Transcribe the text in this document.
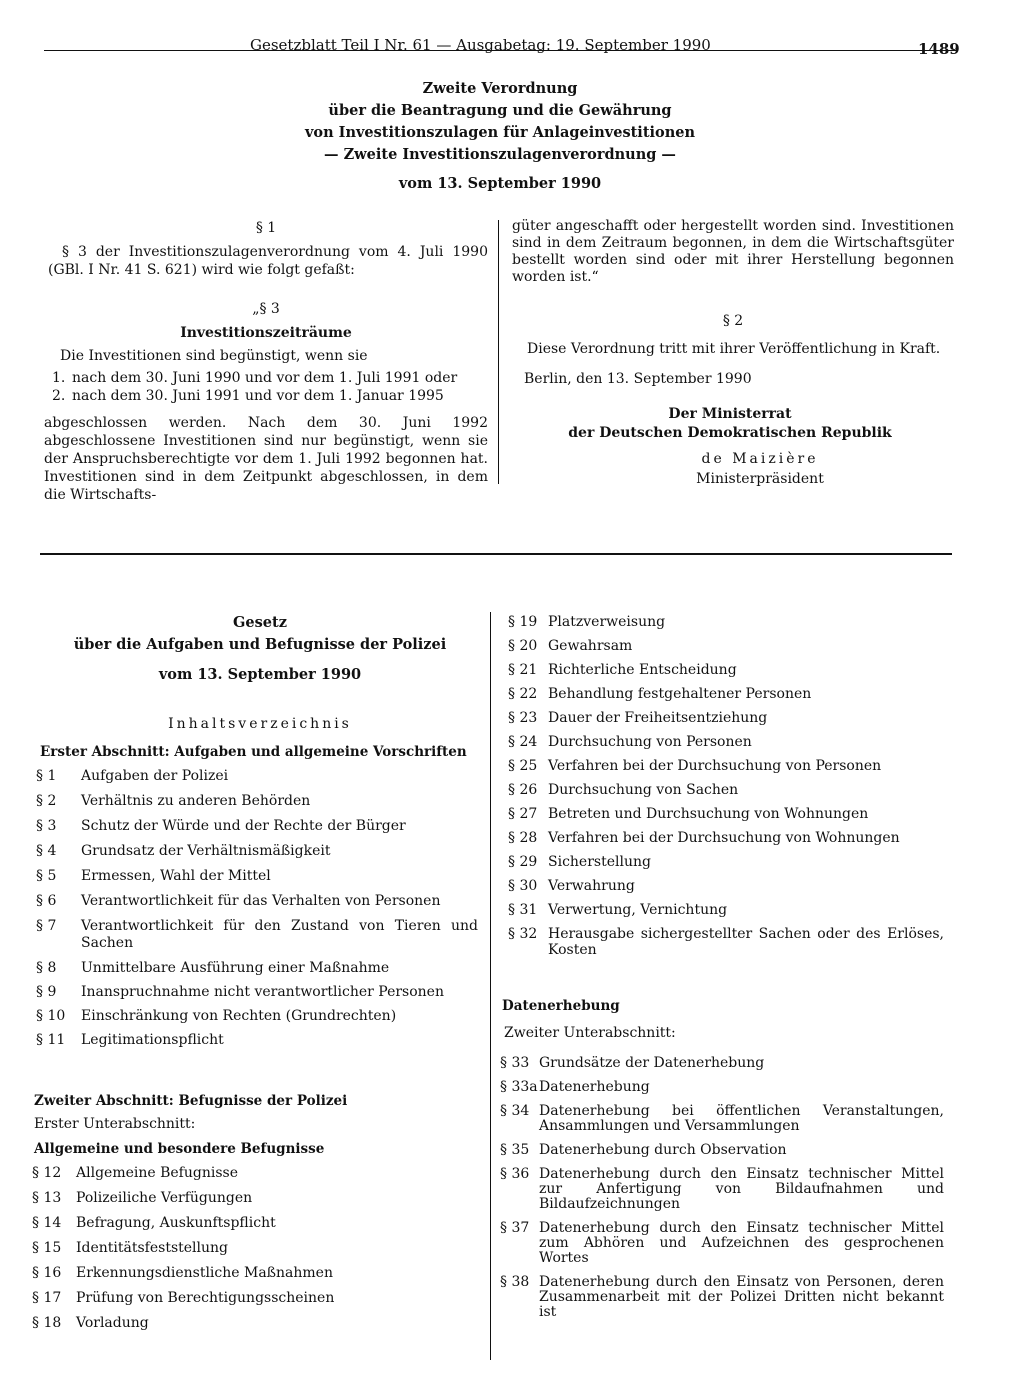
Gesetzblatt Teil I Nr. 61 — Ausgabetag: 19. September 1990	1489
Zweite Verordnung
über die Beantragung und die Gewährung
von Investitionszulagen für Anlageinvestitionen
— Zweite Investitionszulagenverordnung —
vom 13. September 1990
§ 1

§ 3 der Investitionszulagenverordnung vom 4. Juli 1990 (GBl. I Nr. 41 S. 621) wird wie folgt gefaßt:

„§ 3
Investitionszeiträume
Die Investitionen sind begünstigt, wenn sie
1. nach dem 30. Juni 1990 und vor dem 1. Juli 1991 oder
2. nach dem 30. Juni 1991 und vor dem 1. Januar 1995

abgeschlossen werden. Nach dem 30. Juni 1992 abgeschlossene Investitionen sind nur begünstigt, wenn sie der Anspruchsberechtigte vor dem 1. Juli 1992 begonnen hat. Investitionen sind in dem Zeitpunkt abgeschlossen, in dem die Wirtschafts-

güter angeschafft oder hergestellt worden sind. Investitionen sind in dem Zeitraum begonnen, in dem die Wirtschaftsgüter bestellt worden sind oder mit ihrer Herstellung begonnen worden ist.“

§ 2

Diese Verordnung tritt mit ihrer Veröffentlichung in Kraft.

Berlin, den 13. September 1990
Der Ministerrat
der Deutschen Demokratischen Republik
de Maizière
Ministerpräsident
Gesetz
über die Aufgaben und Befugnisse der Polizei
vom 13. September 1990
Inhaltsverzeichnis
Erster Abschnitt: Aufgaben und allgemeine Vorschriften
§ 1	Aufgaben der Polizei
§ 2	Verhältnis zu anderen Behörden
§ 3	Schutz der Würde und der Rechte der Bürger
§ 4	Grundsatz der Verhältnismäßigkeit
§ 5	Ermessen, Wahl der Mittel
§ 6	Verantwortlichkeit für das Verhalten von Personen
§ 7	Verantwortlichkeit für den Zustand von Tieren und Sachen
§ 8	Unmittelbare Ausführung einer Maßnahme
§ 9	Inanspruchnahme nicht verantwortlicher Personen
§ 10	Einschränkung von Rechten (Grundrechten)
§ 11	Legitimationspflicht
Zweiter Abschnitt: Befugnisse der Polizei
Erster Unterabschnitt:
Allgemeine und besondere Befugnisse
§ 12	Allgemeine Befugnisse
§ 13	Polizeiliche Verfügungen
§ 14	Befragung, Auskunftspflicht
§ 15	Identitätsfeststellung
§ 16	Erkennungsdienstliche Maßnahmen
§ 17	Prüfung von Berechtigungsscheinen
§ 18	Vorladung
§ 19 Platzverweisung
§ 20 Gewahrsam
§ 21 Richterliche Entscheidung
§ 22 Behandlung festgehaltener Personen
§ 23 Dauer der Freiheitsentziehung
§ 24 Durchsuchung von Personen
§ 25 Verfahren bei der Durchsuchung von Personen
§ 26 Durchsuchung von Sachen
§ 27 Betreten und Durchsuchung von Wohnungen
§ 28 Verfahren bei der Durchsuchung von Wohnungen
§ 29 Sicherstellung
§ 30 Verwahrung
§ 31 Verwertung, Vernichtung
§ 32 Herausgabe sichergestellter Sachen oder des Erlöses, Kosten
Datenerhebung
Zweiter Unterabschnitt:
§ 33 Grundsätze der Datenerhebung
§ 33a Datenerhebung
§ 34 Datenerhebung bei öffentlichen Veranstaltungen, Ansammlungen und Versammlungen
§ 35 Datenerhebung durch Observation
§ 36 Datenerhebung durch den Einsatz technischer Mittel zur Anfertigung von Bildaufnahmen und Bildaufzeichnungen
§ 37 Datenerhebung durch den Einsatz technischer Mittel zum Abhören und Aufzeichnen des gesprochenen Wortes
§ 38 Datenerhebung durch den Einsatz von Personen, deren Zusammenarbeit mit der Polizei Dritten nicht bekannt ist
